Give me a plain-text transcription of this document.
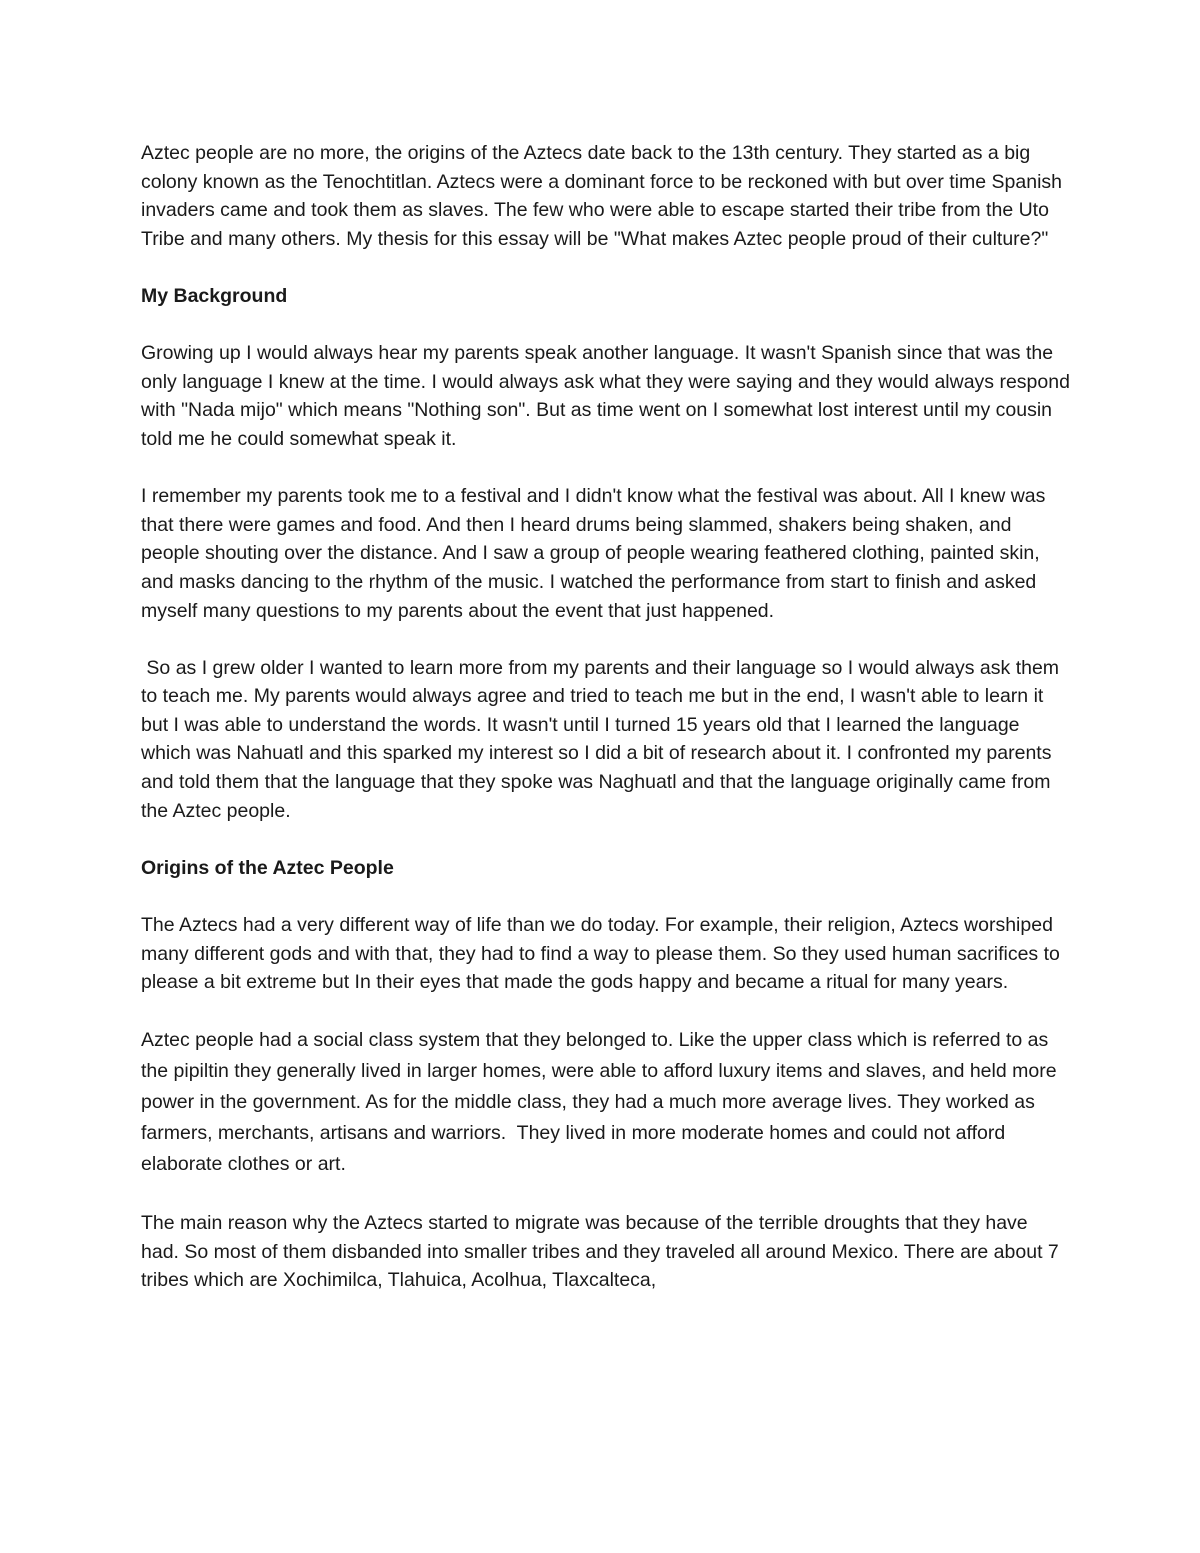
Aztec people are no more, the origins of the Aztecs date back to the 13th century. They started as a big colony known as the Tenochtitlan. Aztecs were a dominant force to be reckoned with but over time Spanish invaders came and took them as slaves. The few who were able to escape started their tribe from the Uto Tribe and many others. My thesis for this essay will be "What makes Aztec people proud of their culture?"

My Background

Growing up I would always hear my parents speak another language. It wasn't Spanish since that was the only language I knew at the time. I would always ask what they were saying and they would always respond with "Nada mijo" which means "Nothing son". But as time went on I somewhat lost interest until my cousin told me he could somewhat speak it.

I remember my parents took me to a festival and I didn't know what the festival was about. All I knew was that there were games and food. And then I heard drums being slammed, shakers being shaken, and people shouting over the distance. And I saw a group of people wearing feathered clothing, painted skin, and masks dancing to the rhythm of the music. I watched the performance from start to finish and asked myself many questions to my parents about the event that just happened.

So as I grew older I wanted to learn more from my parents and their language so I would always ask them to teach me. My parents would always agree and tried to teach me but in the end, I wasn't able to learn it but I was able to understand the words. It wasn't until I turned 15 years old that I learned the language which was Nahuatl and this sparked my interest so I did a bit of research about it. I confronted my parents and told them that the language that they spoke was Naghuatl and that the language originally came from the Aztec people.

Origins of the Aztec People

The Aztecs had a very different way of life than we do today. For example, their religion, Aztecs worshiped many different gods and with that, they had to find a way to please them. So they used human sacrifices to please a bit extreme but In their eyes that made the gods happy and became a ritual for many years.

Aztec people had a social class system that they belonged to. Like the upper class which is referred to as the pipiltin they generally lived in larger homes, were able to afford luxury items and slaves, and held more power in the government. As for the middle class, they had a much more average lives. They worked as farmers, merchants, artisans and warriors.  They lived in more moderate homes and could not afford elaborate clothes or art.

The main reason why the Aztecs started to migrate was because of the terrible droughts that they have had. So most of them disbanded into smaller tribes and they traveled all around Mexico. There are about 7 tribes which are Xochimilca, Tlahuica, Acolhua, Tlaxcalteca,
